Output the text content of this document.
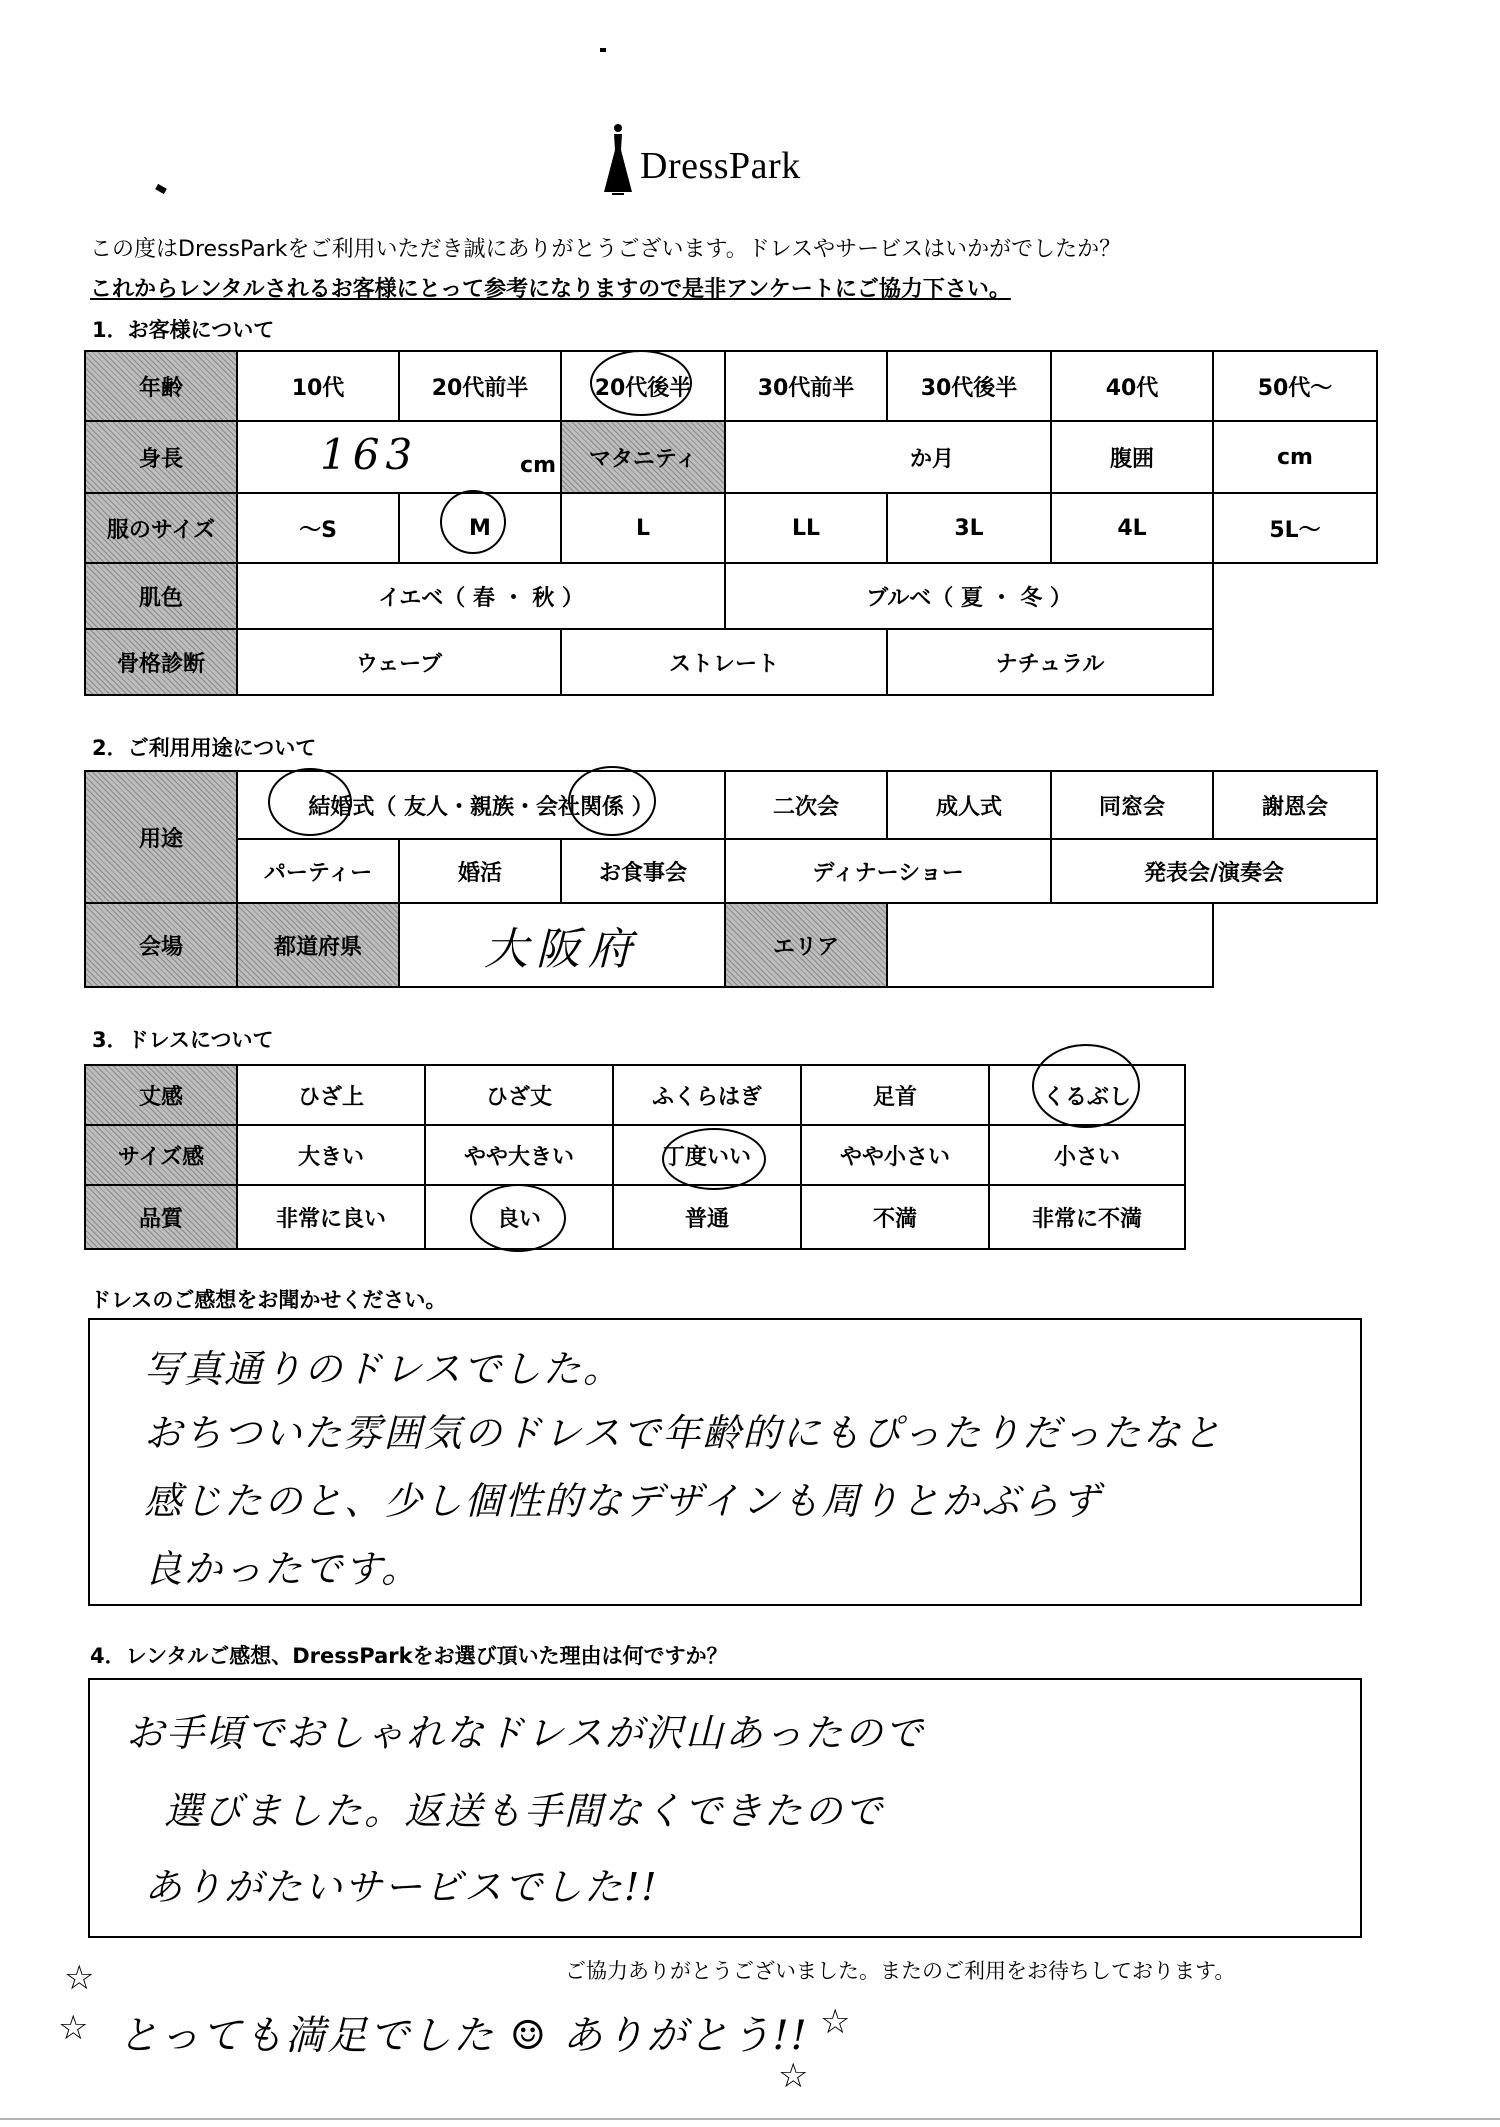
DressPark
この度はDressParkをご利用いただき誠にありがとうございます。ドレスやサービスはいかがでしたか？
これからレンタルされるお客様にとって参考になりますので是非アンケートにご協力下さい。
1．お客様について
年齢	10代	20代前半	20代後半	30代前半	30代後半	40代	50代～
身長	163 cm		マタニティ	か月		腹囲	cm
服のサイズ	～S	M	L	LL	3L	4L	5L～
肌色	イエベ（ 春 ・ 秋 ）			ブルベ（ 夏 ・ 冬 ）			
骨格診断	ウェーブ		ストレート		ナチュラル		
2．ご利用用途について
用途	結婚式（ 友人・親族・会社関係 ）			二次会	成人式	同窓会	謝恩会
	パーティー	婚活	お食事会	ディナーショー		発表会/演奏会	
会場	都道府県	大阪府		エリア			
3．ドレスについて
丈感	ひざ上	ひざ丈	ふくらはぎ	足首	くるぶし
サイズ感	大きい	やや大きい	丁度いい	やや小さい	小さい
品質	非常に良い	良い	普通	不満	非常に不満
ドレスのご感想をお聞かせください。
写真通りのドレスでした。
おちついた雰囲気のドレスで年齢的にもぴったりだったなと
感じたのと、少し個性的なデザインも周りとかぶらず
良かったです。
4．レンタルご感想、DressParkをお選び頂いた理由は何ですか？
お手頃でおしゃれなドレスが沢山あったので
選びました。返送も手間なくできたので
ありがたいサービスでした!!
ご協力ありがとうございました。またのご利用をお待ちしております。
☆
☆ とっても満足でした ☺ ありがとう!! ☆
☆
